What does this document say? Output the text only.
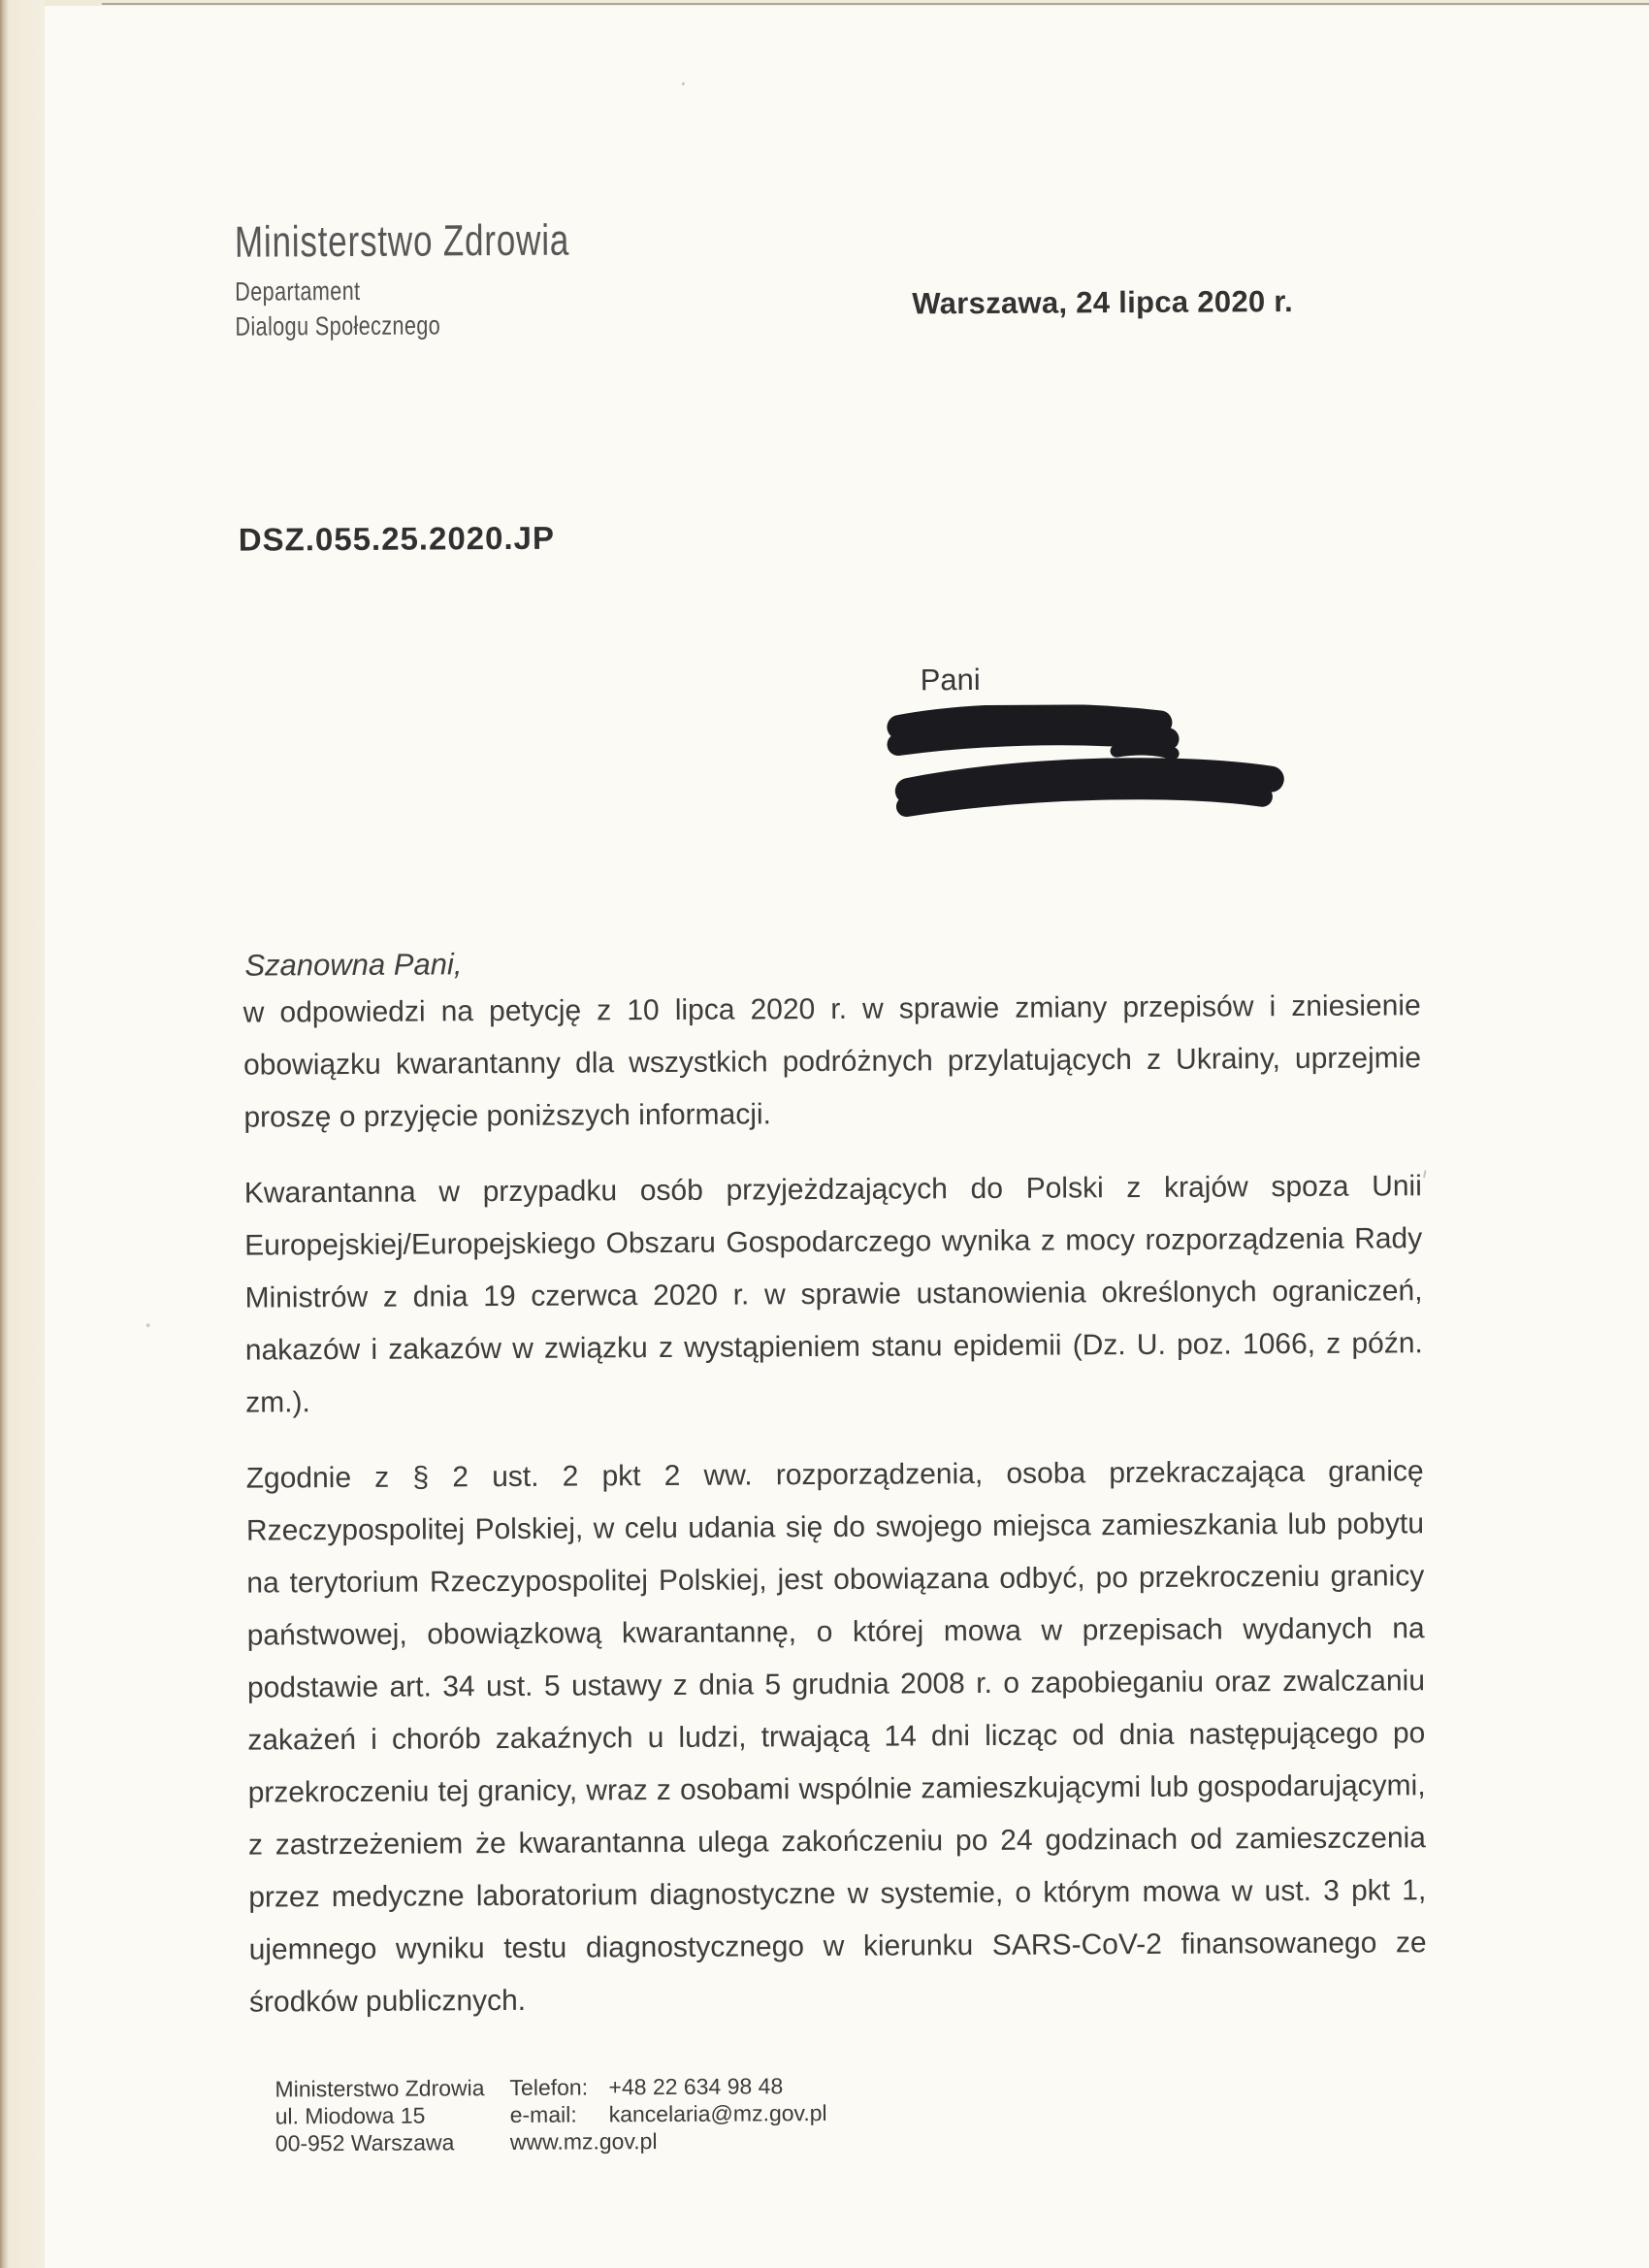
Ministerstwo Zdrowia
Departament
Dialogu Społecznego
Warszawa, 24 lipca 2020 r.
DSZ.055.25.2020.JP
Pani
Szanowna Pani,

w odpowiedzi na petycję z 10 lipca 2020 r. w sprawie zmiany przepisów i zniesienie obowiązku kwarantanny dla wszystkich podróżnych przylatujących z Ukrainy, uprzejmie proszę o przyjęcie poniższych informacji.

Kwarantanna w przypadku osób przyjeżdzających do Polski z krajów spoza Unii Europejskiej/Europejskiego Obszaru Gospodarczego wynika z mocy rozporządzenia Rady Ministrów z dnia 19 czerwca 2020 r. w sprawie ustanowienia określonych ograniczeń, nakazów i zakazów w związku z wystąpieniem stanu epidemii (Dz. U. poz. 1066, z późn. zm.).

Zgodnie z § 2 ust. 2 pkt 2 ww. rozporządzenia, osoba przekraczająca granicę Rzeczypospolitej Polskiej, w celu udania się do swojego miejsca zamieszkania lub pobytu na terytorium Rzeczypospolitej Polskiej, jest obowiązana odbyć, po przekroczeniu granicy państwowej, obowiązkową kwarantannę, o której mowa w przepisach wydanych na podstawie art. 34 ust. 5 ustawy z dnia 5 grudnia 2008 r. o zapobieganiu oraz zwalczaniu zakażeń i chorób zakaźnych u ludzi, trwającą 14 dni licząc od dnia następującego po przekroczeniu tej granicy, wraz z osobami wspólnie zamieszkującymi lub gospodarującymi, z zastrzeżeniem że kwarantanna ulega zakończeniu po 24 godzinach od zamieszczenia przez medyczne laboratorium diagnostyczne w systemie, o którym mowa w ust. 3 pkt 1, ujemnego wyniku testu diagnostycznego w kierunku SARS-CoV-2 finansowanego ze środków publicznych.

Ministerstwo Zdrowia
ul. Miodowa 15
00-952 Warszawa
Telefon: +48 22 634 98 48
e-mail: kancelaria@mz.gov.pl
www.mz.gov.pl
